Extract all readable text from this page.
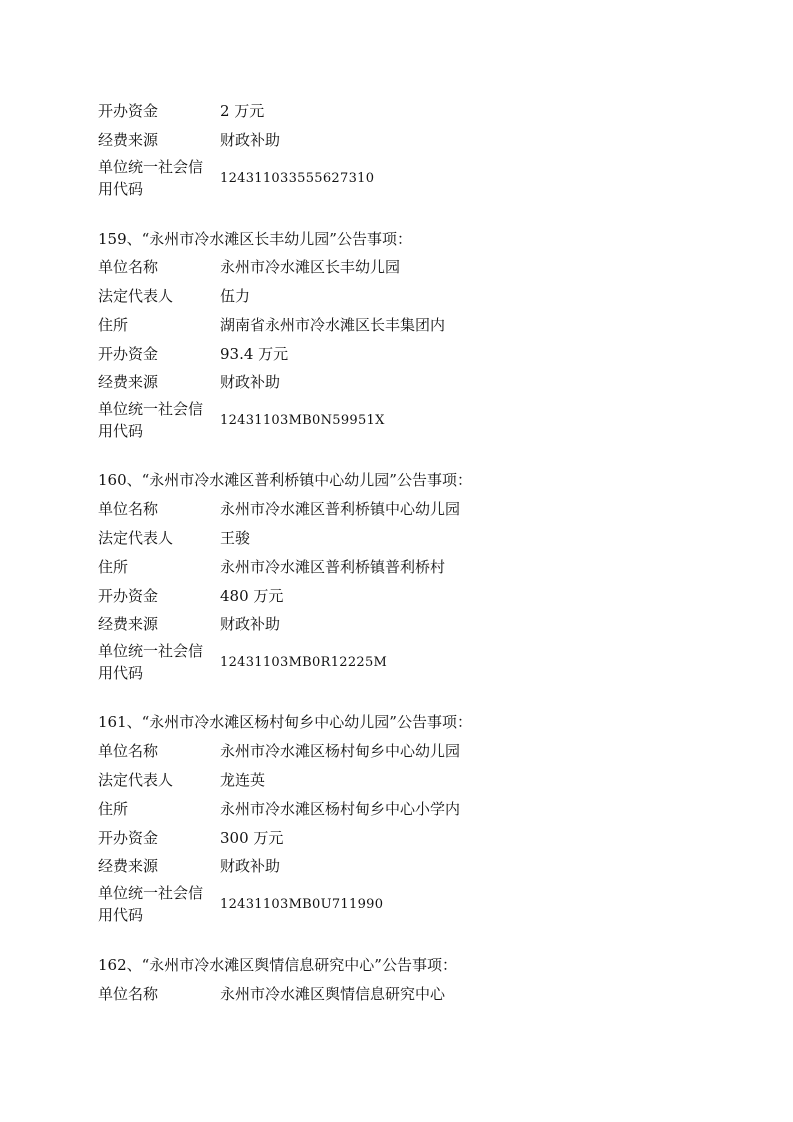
开办资金	2 万元
经费来源	财政补助
单位统一社会信
用代码
124311033555627310
159、“永州市冷水滩区长丰幼儿园”公告事项：
单位名称	永州市冷水滩区长丰幼儿园
法定代表人	伍力
住所	湖南省永州市冷水滩区长丰集团内
开办资金	93.4 万元
经费来源	财政补助
单位统一社会信
用代码
12431103MB0N59951X
160、“永州市冷水滩区普利桥镇中心幼儿园”公告事项：
单位名称	永州市冷水滩区普利桥镇中心幼儿园
法定代表人	王骏
住所	永州市冷水滩区普利桥镇普利桥村
开办资金	480 万元
经费来源	财政补助
单位统一社会信
用代码
12431103MB0R12225M
161、“永州市冷水滩区杨村甸乡中心幼儿园”公告事项：
单位名称	永州市冷水滩区杨村甸乡中心幼儿园
法定代表人	龙连英
住所	永州市冷水滩区杨村甸乡中心小学内
开办资金	300 万元
经费来源	财政补助
单位统一社会信
用代码
12431103MB0U711990
162、“永州市冷水滩区舆情信息研究中心”公告事项：
单位名称	永州市冷水滩区舆情信息研究中心
